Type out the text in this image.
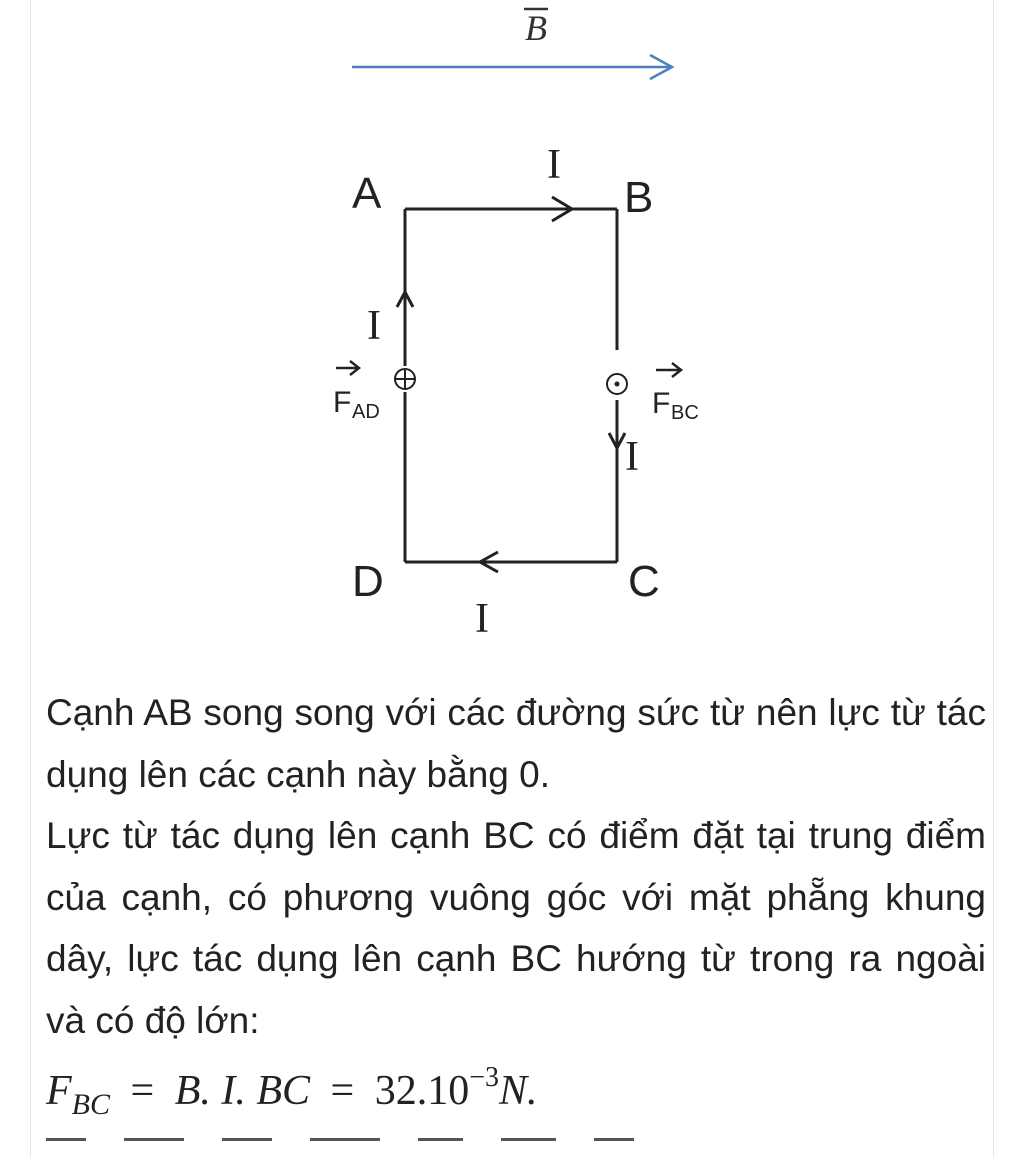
B
A	B
C
D
I
I
I
I
F AD	F BC

Cạnh AB song song với các đường sức từ nên lực từ tác dụng lên các cạnh này bằng 0.

Lực từ tác dụng lên cạnh BC có điểm đặt tại trung điểm của cạnh, có phương vuông góc với mặt phẵng khung dây, lực tác dụng lên cạnh BC hướng từ trong ra ngoài và có độ lớn:

$F_{BC} = B$. I. BC = $32.10^{-3}N$.
